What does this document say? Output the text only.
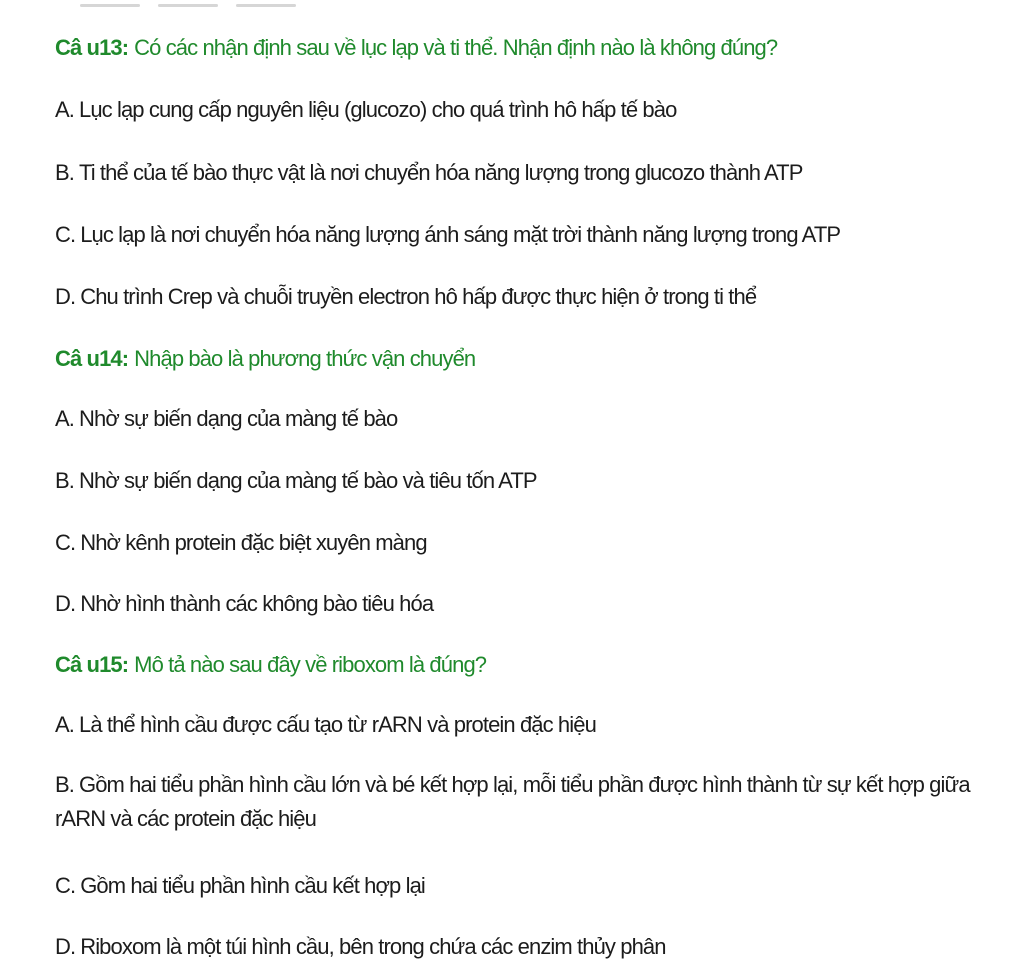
Câ u13: Có các nhận định sau về lục lạp và ti thể. Nhận định nào là không đúng?
A. Lục lạp cung cấp nguyên liệu (glucozo) cho quá trình hô hấp tế bào
B. Ti thể của tế bào thực vật là nơi chuyển hóa năng lượng trong glucozo thành ATP
C. Lục lạp là nơi chuyển hóa năng lượng ánh sáng mặt trời thành năng lượng trong ATP
D. Chu trình Crep và chuỗi truyền electron hô hấp được thực hiện ở trong ti thể
Câ u14: Nhập bào là phương thức vận chuyển
A. Nhờ sự biến dạng của màng tế bào
B. Nhờ sự biến dạng của màng tế bào và tiêu tốn ATP
C. Nhờ kênh protein đặc biệt xuyên màng
D. Nhờ hình thành các không bào tiêu hóa
Câ u15: Mô tả nào sau đây về riboxom là đúng?
A. Là thể hình cầu được cấu tạo từ rARN và protein đặc hiệu
B. Gồm hai tiểu phần hình cầu lớn và bé kết hợp lại, mỗi tiểu phần được hình thành từ sự kết hợp giữa rARN và các protein đặc hiệu
C. Gồm hai tiểu phần hình cầu kết hợp lại
D. Riboxom là một túi hình cầu, bên trong chứa các enzim thủy phân
